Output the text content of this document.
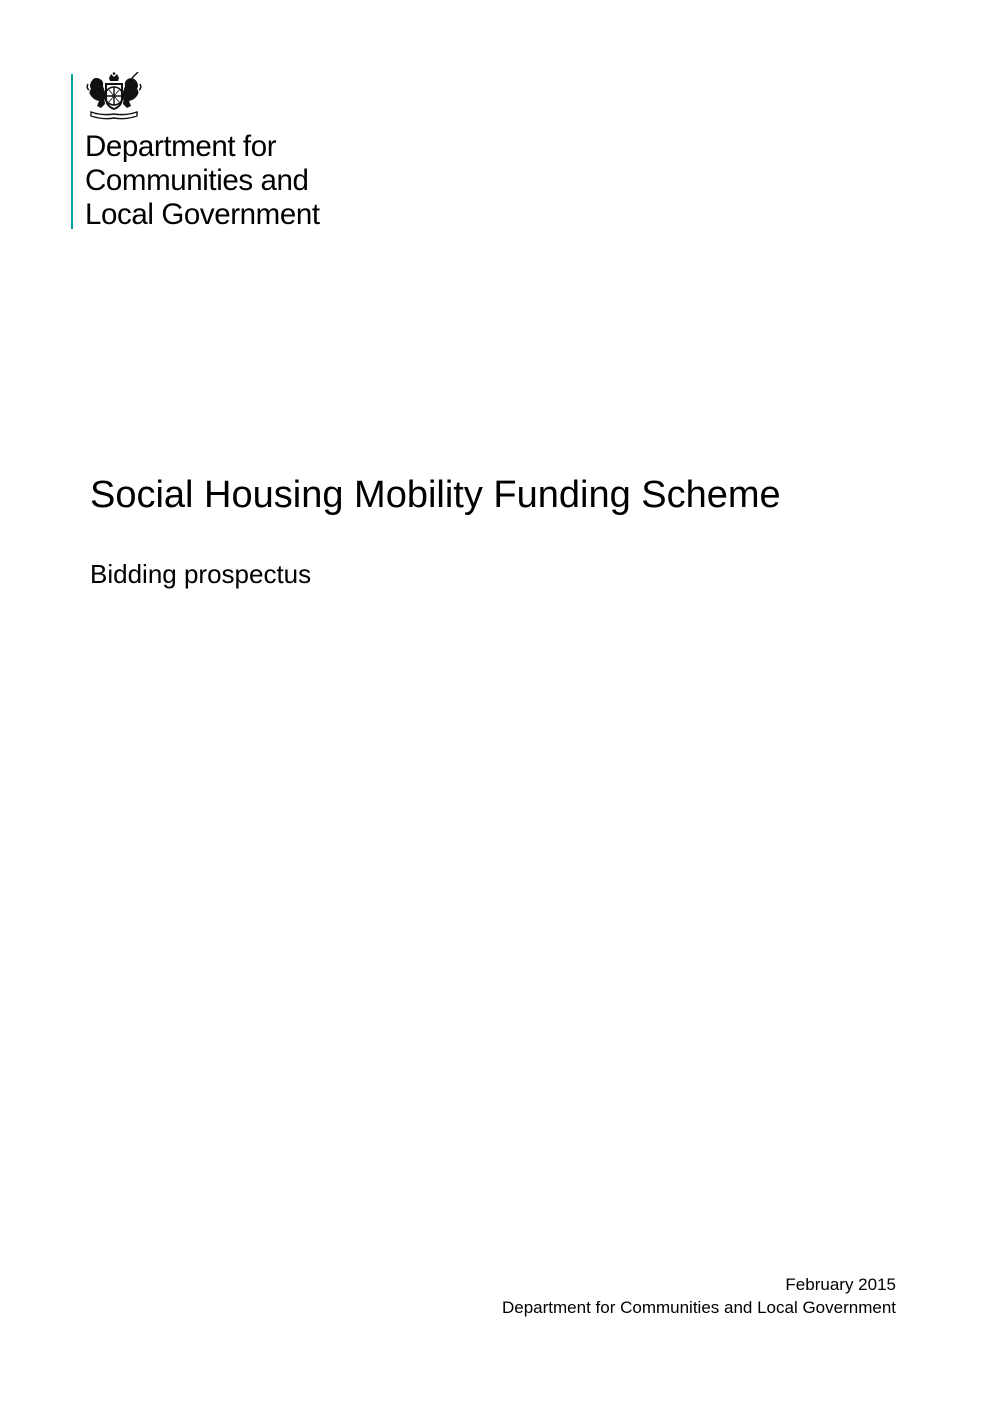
Department for
Communities and
Local Government
Social Housing Mobility Funding Scheme
Bidding prospectus
February 2015
Department for Communities and Local Government
